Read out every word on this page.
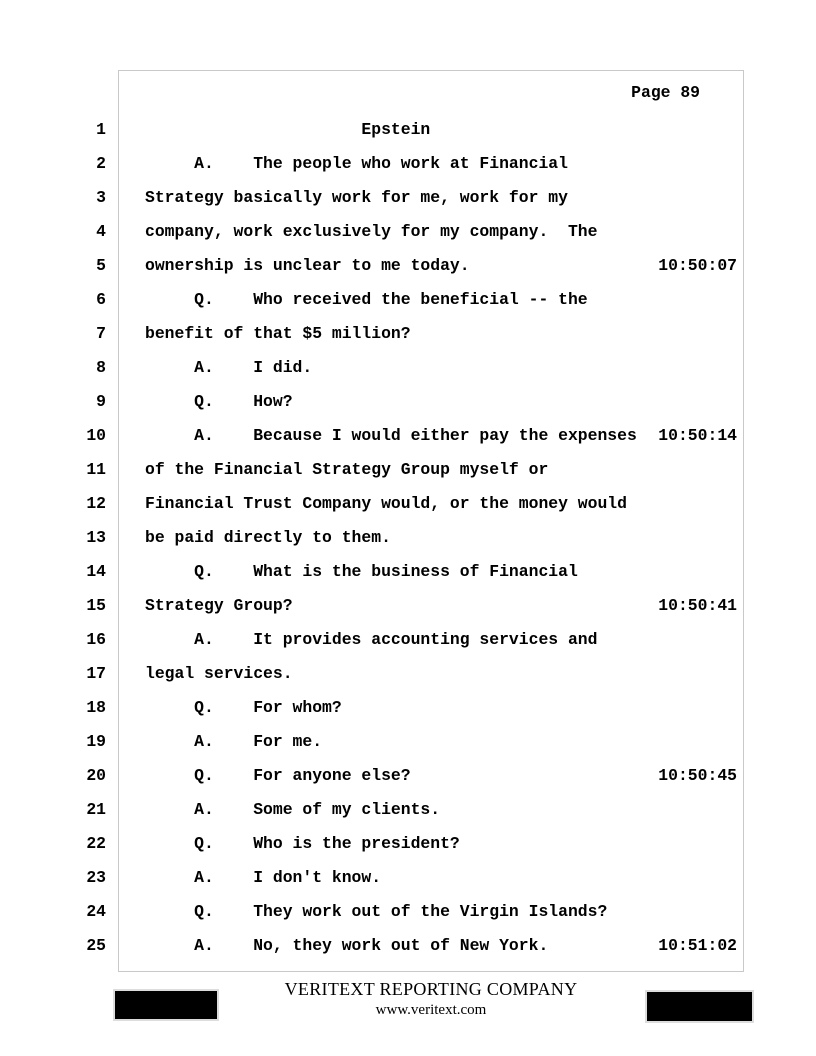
Page 89
1 Epstein
2 A.    The people who work at Financial
3 Strategy basically work for me, work for my
4 company, work exclusively for my company.  The
5 ownership is unclear to me today.	10:50:07
6 Q.    Who received the beneficial -- the
7 benefit of that $5 million?
8 A.    I did.
9 Q.    How?
10 A.    Because I would either pay the expenses 10:50:14
11 of the Financial Strategy Group myself or
12 Financial Trust Company would, or the money would
13 be paid directly to them.
14 Q.    What is the business of Financial
15 Strategy Group?	10:50:41
16 A.    It provides accounting services and
17 legal services.
18 Q.    For whom?
19 A.    For me.
20 Q.    For anyone else?	10:50:45
21 A.    Some of my clients.
22 Q.    Who is the president?
23 A.    I don't know.
24 Q.    They work out of the Virgin Islands?
25 A.    No, they work out of New York.	10:51:02
VERITEXT REPORTING COMPANY
www.veritext.com
